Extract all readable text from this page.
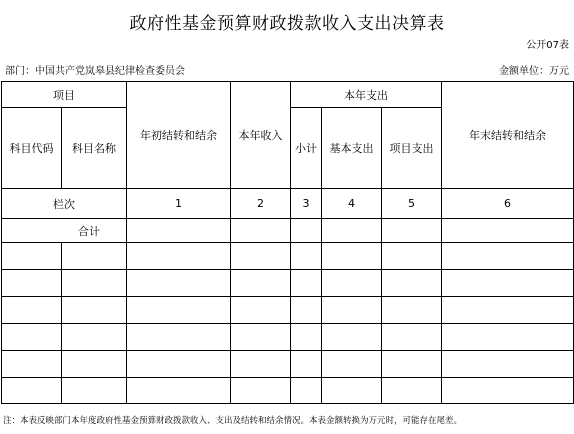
政府性基金预算财政拨款收入支出决算表
公开07表
部门：中国共产党岚皋县纪律检查委员会	金额单位：万元
项目		年初结转和结余	本年收入	本年支出			年末结转和结余
科目代码	科目名称			小计	基本支出	项目支出	
栏次		1	2	3	4	5	6
合计							

注：本表反映部门本年度政府性基金预算财政拨款收入、支出及结转和结余情况。本表金额转换为万元时，可能存在尾差。
